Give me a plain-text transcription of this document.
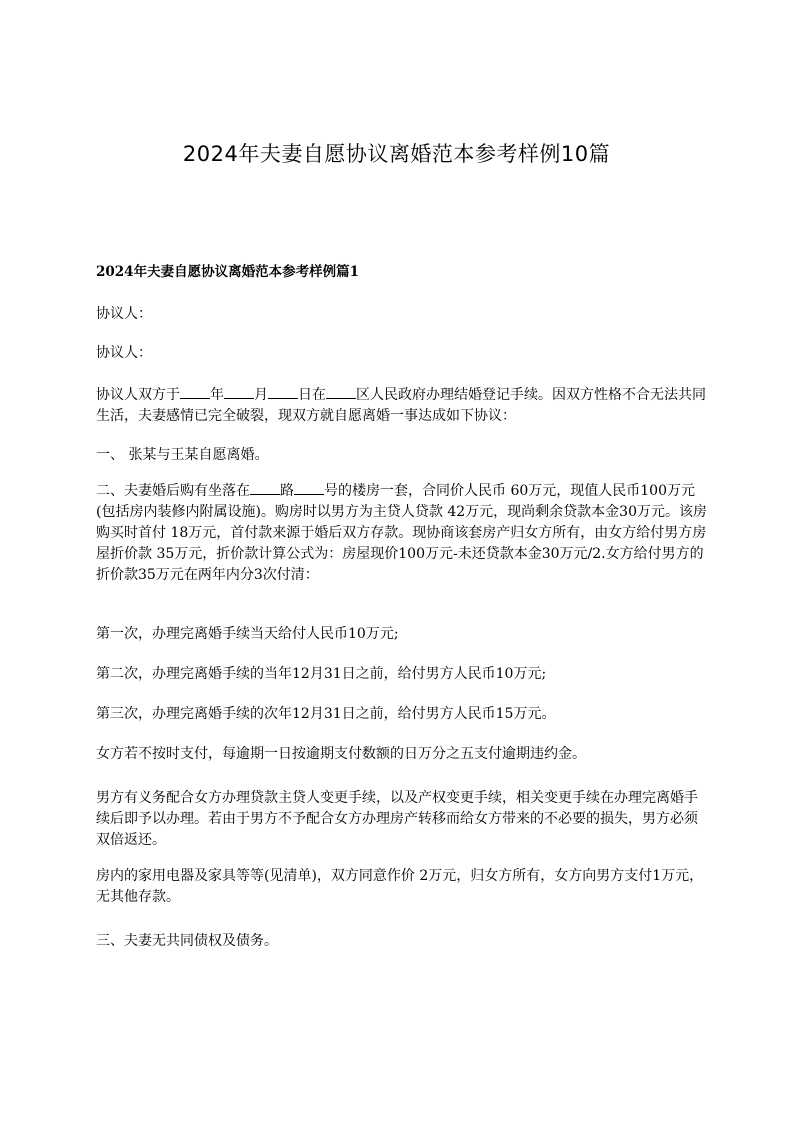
2024年夫妻自愿协议离婚范本参考样例10篇
2024年夫妻自愿协议离婚范本参考样例篇1

协议人：

协议人：

协议人双方于 年 月 日在 区人民政府办理结婚登记手续。因双方性格不合无法共同生活，夫妻感情已完全破裂，现双方就自愿离婚一事达成如下协议：

一、 张某与王某自愿离婚。

二、夫妻婚后购有坐落在 路 号的楼房一套，合同价人民币 60万元，现值人民币100万元(包括房内装修内附属设施)。购房时以男方为主贷人贷款 42万元，现尚剩余贷款本金30万元。该房购买时首付 18万元，首付款来源于婚后双方存款。现协商该套房产归女方所有，由女方给付男方房屋折价款 35万元，折价款计算公式为：房屋现价100万元-未还贷款本金30万元/2.女方给付男方的折价款35万元在两年内分3次付清：

第一次，办理完离婚手续当天给付人民币10万元;

第二次，办理完离婚手续的当年12月31日之前，给付男方人民币10万元;

第三次，办理完离婚手续的次年12月31日之前，给付男方人民币15万元。

女方若不按时支付，每逾期一日按逾期支付数额的日万分之五支付逾期违约金。

男方有义务配合女方办理贷款主贷人变更手续，以及产权变更手续，相关变更手续在办理完离婚手续后即予以办理。若由于男方不予配合女方办理房产转移而给女方带来的不必要的损失，男方必须双倍返还。

房内的家用电器及家具等等(见清单)，双方同意作价 2万元，归女方所有，女方向男方支付1万元，无其他存款。

三、夫妻无共同债权及债务。
